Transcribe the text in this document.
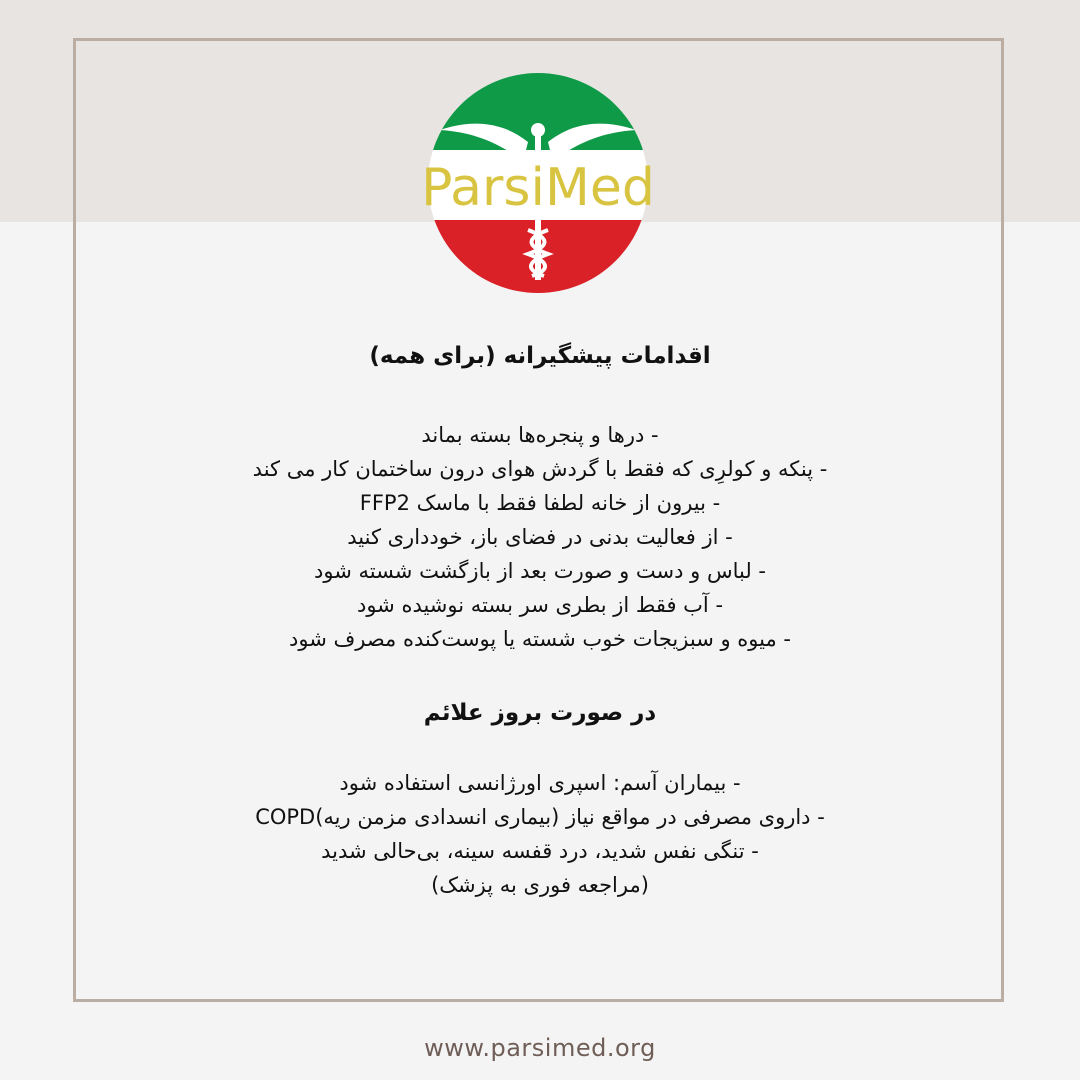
ParsiMed
اقدامات پیشگیرانه (برای همه)
- درها و پنجره‌ها بسته بماند
- پنکه و کولرِی که فقط با گردش هوای درون ساختمان کار می کند
- بیرون از خانه لطفا فقط با ماسک FFP2
- از فعالیت بدنی در فضای باز، خودداری کنید
- لباس و دست و صورت بعد از بازگشت شسته شود
- آب فقط از بطری سر بسته نوشیده شود
- میوه و سبزیجات خوب شسته یا پوست‌کنده مصرف شود
در صورت بروز علائم
- بیماران آسم: اسپری اورژانسی استفاده شود
- داروی مصرفی در مواقع نیاز (بیماری انسدادی مزمن ریه)COPD
- تنگی نفس شدید، درد قفسه سینه، بی‌حالی شدید
(مراجعه فوری به پزشک)
www.parsimed.org
